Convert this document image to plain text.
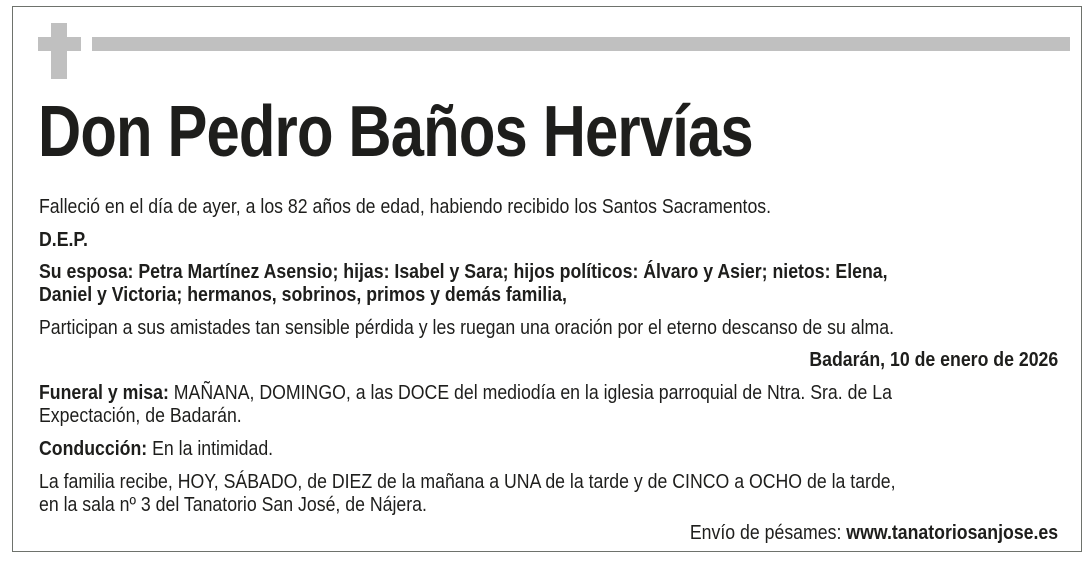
Don Pedro Baños Hervías
Falleció en el día de ayer, a los 82 años de edad, habiendo recibido los Santos Sacramentos.
D.E.P.
Su esposa: Petra Martínez Asensio; hijas: Isabel y Sara; hijos políticos: Álvaro y Asier; nietos: Elena,
Daniel y Victoria; hermanos, sobrinos, primos y demás familia,
Participan a sus amistades tan sensible pérdida y les ruegan una oración por el eterno descanso de su alma.
Badarán, 10 de enero de 2026
Funeral y misa: MAÑANA, DOMINGO, a las DOCE del mediodía en la iglesia parroquial de Ntra. Sra. de La
Expectación, de Badarán.
Conducción: En la intimidad.
La familia recibe, HOY, SÁBADO, de DIEZ de la mañana a UNA de la tarde y de CINCO a OCHO de la tarde,
en la sala nº 3 del Tanatorio San José, de Nájera.
Envío de pésames: www.tanatoriosanjose.es
